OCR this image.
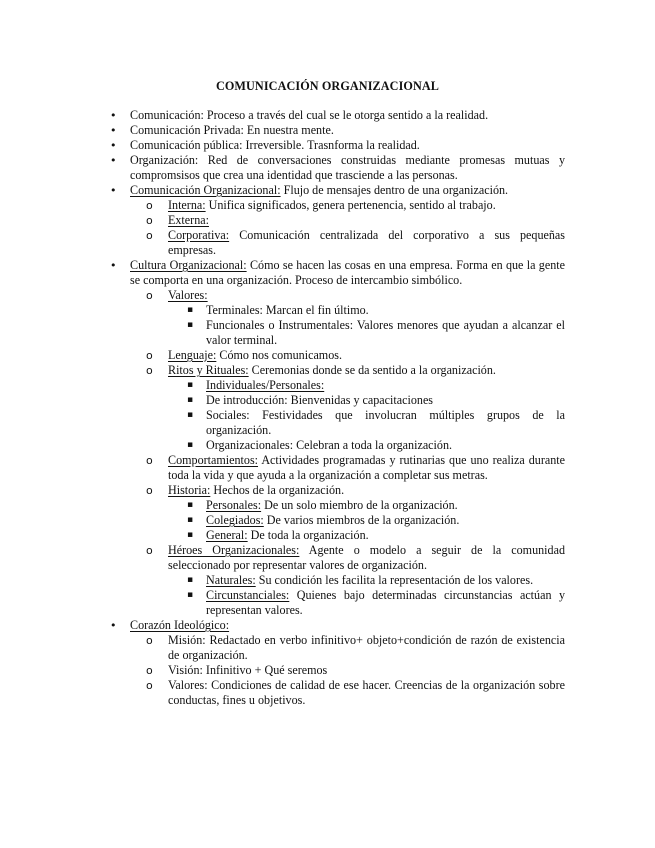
COMUNICACIÓN ORGANIZACIONAL
• Comunicación: Proceso a través del cual se le otorga sentido a la realidad.
• Comunicación Privada: En nuestra mente.
• Comunicación pública: Irreversible. Trasnforma la realidad.
• Organización: Red de conversaciones construidas mediante promesas mutuas y compromsisos que crea una identidad que trasciende a las personas.
• Comunicación Organizacional: Flujo de mensajes dentro de una organización.
o Interna: Unifica significados, genera pertenencia, sentido al trabajo.
o Externa:
o Corporativa: Comunicación centralizada del corporativo a sus pequeñas empresas.
• Cultura Organizacional: Cómo se hacen las cosas en una empresa. Forma en que la gente se comporta en una organización. Proceso de intercambio simbólico.
o Valores:
▪ Terminales: Marcan el fin último.
▪ Funcionales o Instrumentales: Valores menores que ayudan a alcanzar el valor terminal.
o Lenguaje: Cómo nos comunicamos.
o Ritos y Rituales: Ceremonias donde se da sentido a la organización.
▪ Individuales/Personales:
▪ De introducción: Bienvenidas y capacitaciones
▪ Sociales: Festividades que involucran múltiples grupos de la organización.
▪ Organizacionales: Celebran a toda la organización.
o Comportamientos: Actividades programadas y rutinarias que uno realiza durante toda la vida y que ayuda a la organización a completar sus metras.
o Historia: Hechos de la organización.
▪ Personales: De un solo miembro de la organización.
▪ Colegiados: De varios miembros de la organización.
▪ General: De toda la organización.
o Héroes Organizacionales: Agente o modelo a seguir de la comunidad seleccionado por representar valores de organización.
▪ Naturales: Su condición les facilita la representación de los valores.
▪ Circunstanciales: Quienes bajo determinadas circunstancias actúan y representan valores.
• Corazón Ideológico:
o Misión: Redactado en verbo infinitivo+ objeto+condición de razón de existencia de organización.
o Visión: Infinitivo + Qué seremos
o Valores: Condiciones de calidad de ese hacer. Creencias de la organización sobre conductas, fines u objetivos.
